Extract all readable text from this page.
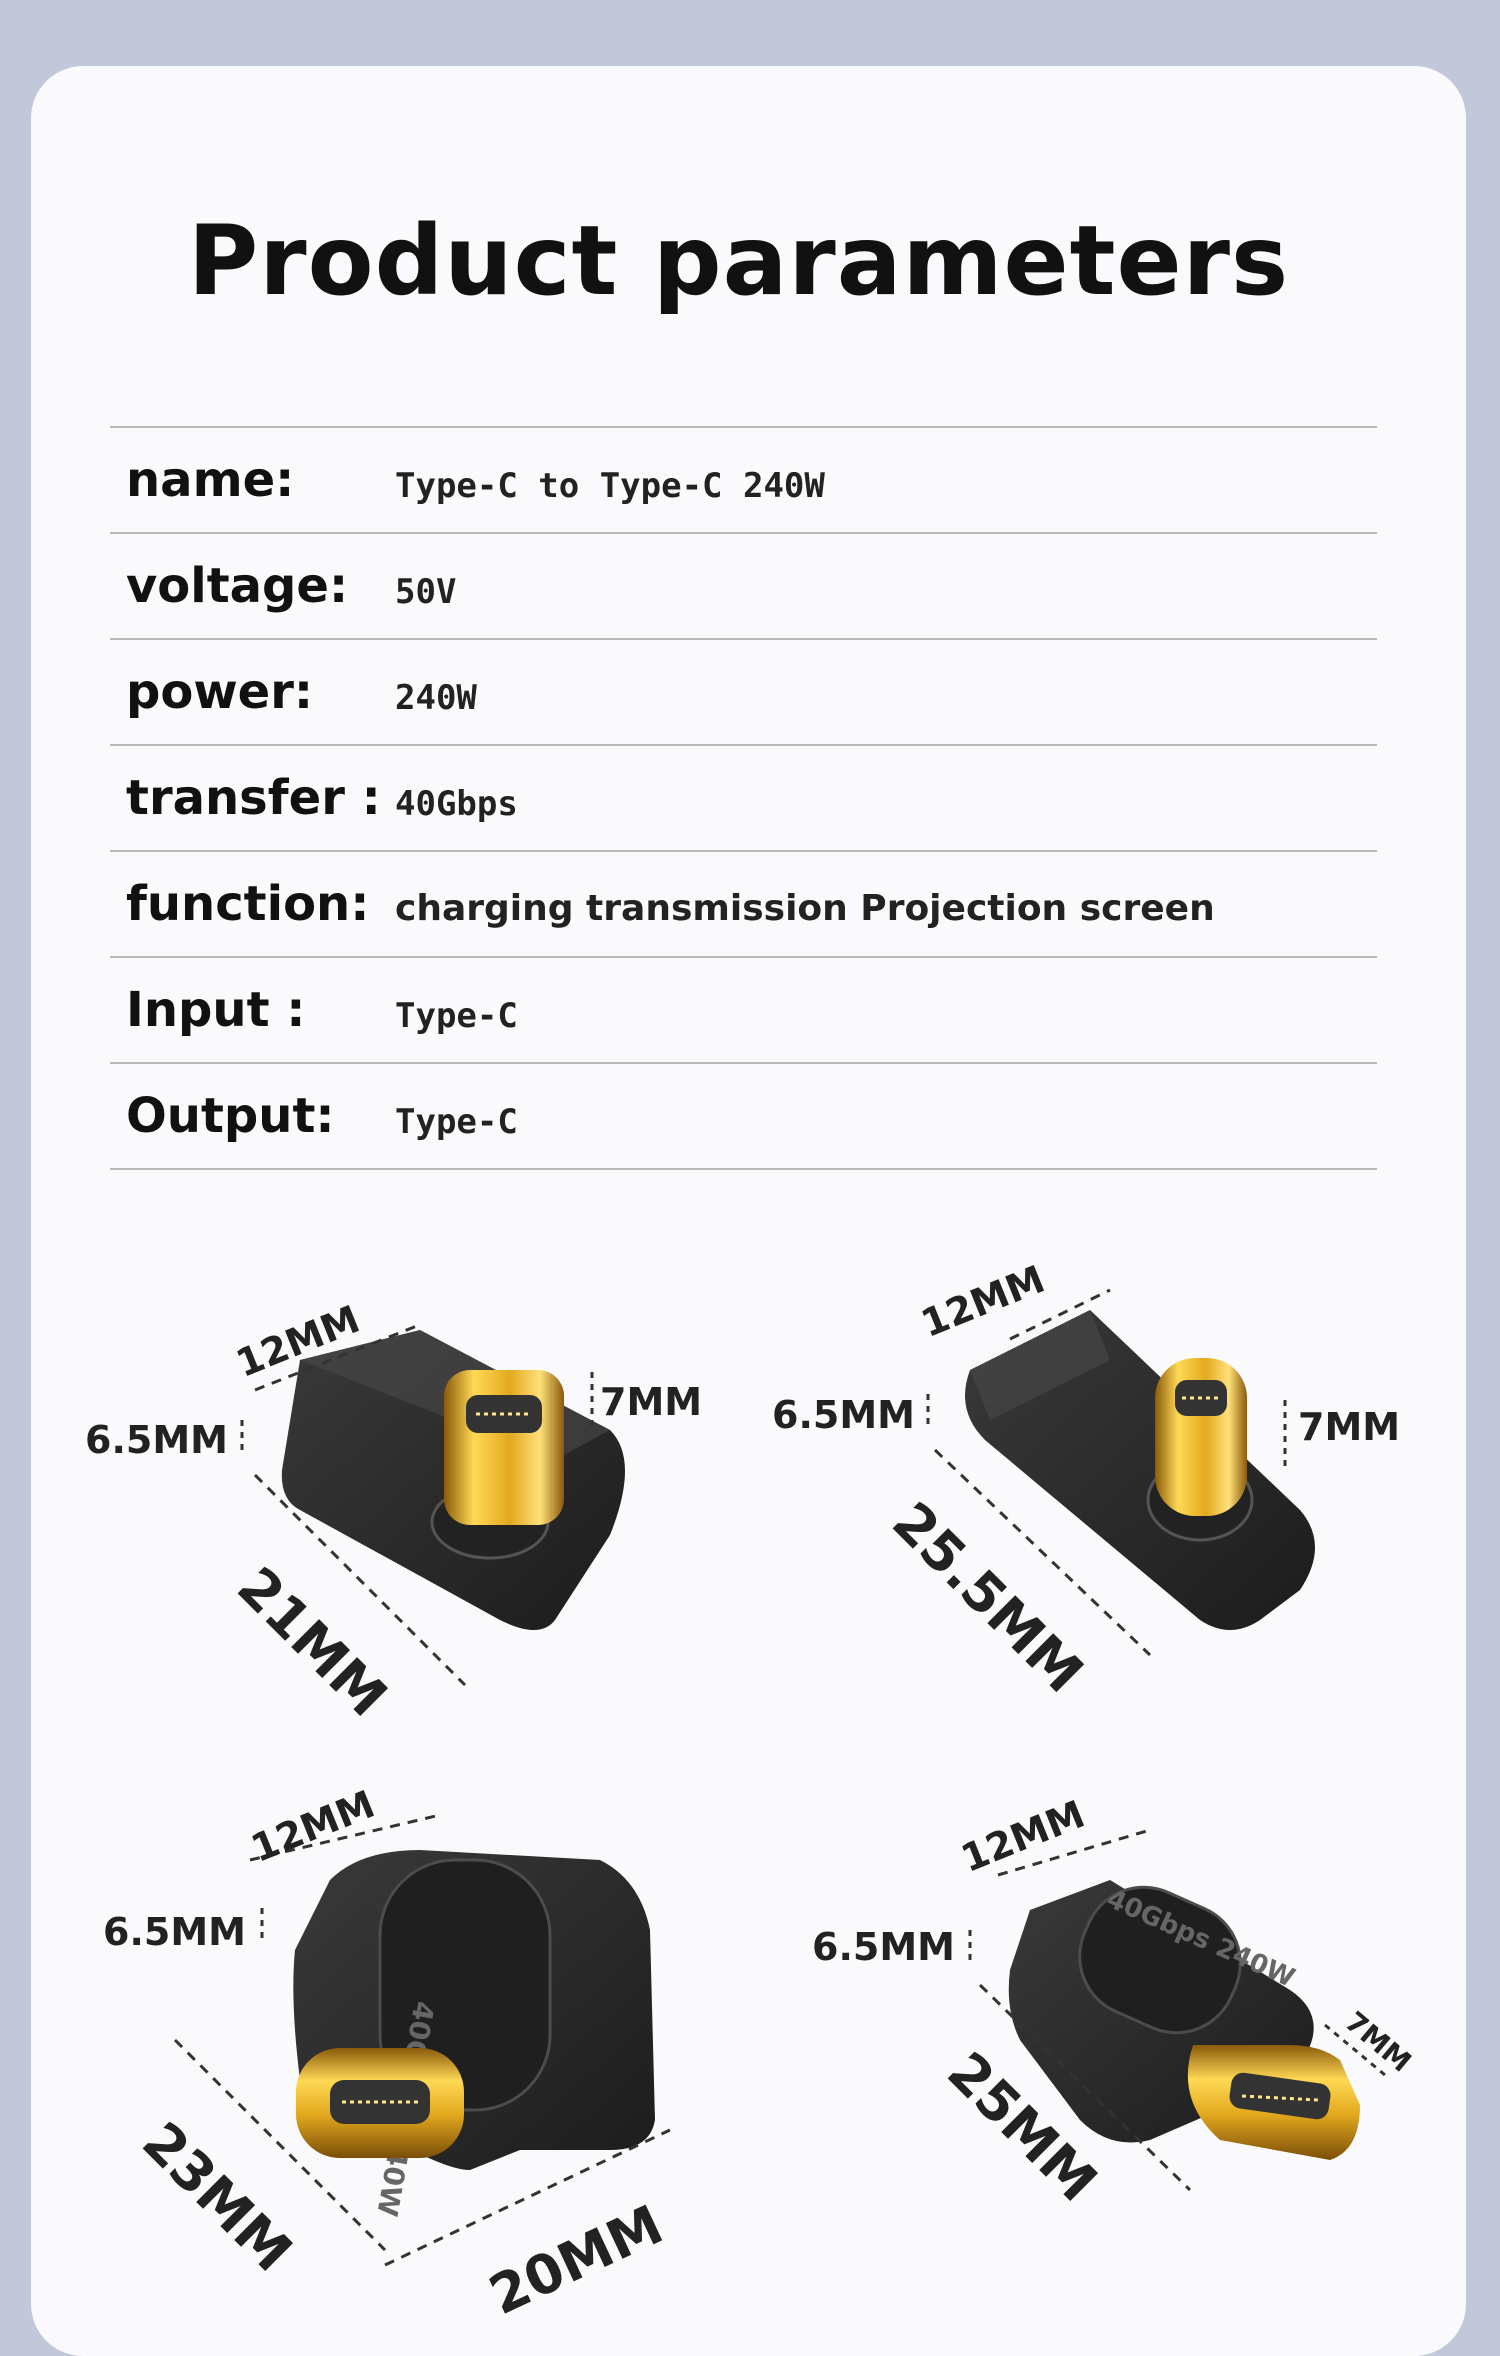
Product parameters
name:	Type-C to Type-C 240W
voltage: 50V
power: 240W
transfer : 40Gbps
function: charging transmission Projection screen
Input :	Type-C
Output: Type-C
240W
40Gbps 240W
12MM
7MM
6.5MM
21MM
12MM
7MM
6.5MM
25.5MM
12MM
6.5MM
23MM	20MM
12MM
6.5MM
25MM	7MM
